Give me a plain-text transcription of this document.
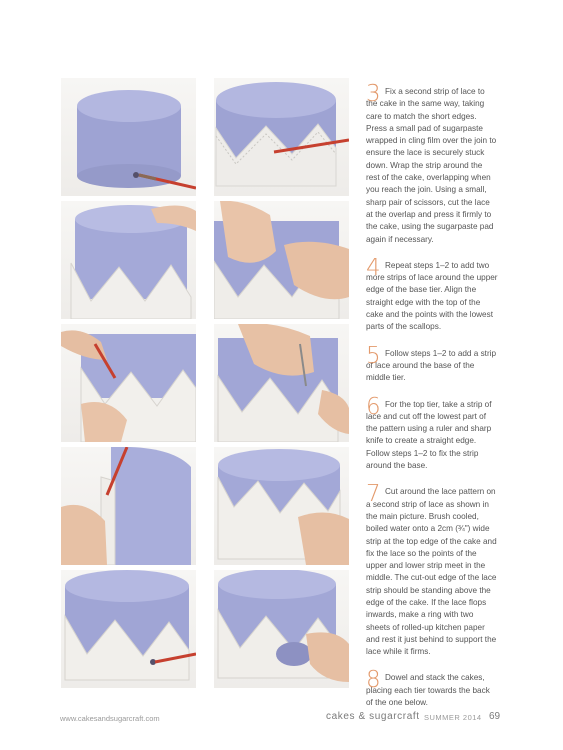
3 Fix a second strip of lace to the cake in the same way, taking care to match the short edges. Press a small pad of sugarpaste wrapped in cling film over the join to ensure the lace is securely stuck down. Wrap the strip around the rest of the cake, overlapping when you reach the join. Using a small, sharp pair of scissors, cut the lace at the overlap and press it firmly to the cake, using the sugarpaste pad again if necessary.

4 Repeat steps 1–2 to add two more strips of lace around the upper edge of the base tier. Align the straight edge with the top of the cake and the points with the lowest parts of the scallops.

5 Follow steps 1–2 to add a strip of lace around the base of the middle tier.

6 For the top tier, take a strip of lace and cut off the lowest part of the pattern using a ruler and sharp knife to create a straight edge. Follow steps 1–2 to fix the strip around the base.

7 Cut around the lace pattern on a second strip of lace as shown in the main picture. Brush cooled, boiled water onto a 2cm (¾") wide strip at the top edge of the cake and fix the lace so the points of the upper and lower strip meet in the middle. The cut-out edge of the lace strip should be standing above the edge of the cake. If the lace flops inwards, make a ring with two sheets of rolled-up kitchen paper and rest it just behind to support the lace while it firms.

8 Dowel and stack the cakes, placing each tier towards the back of the one below.

www.cakesandsugarcraft.com	cakes & sugarcraft SUMMER 2014 69
